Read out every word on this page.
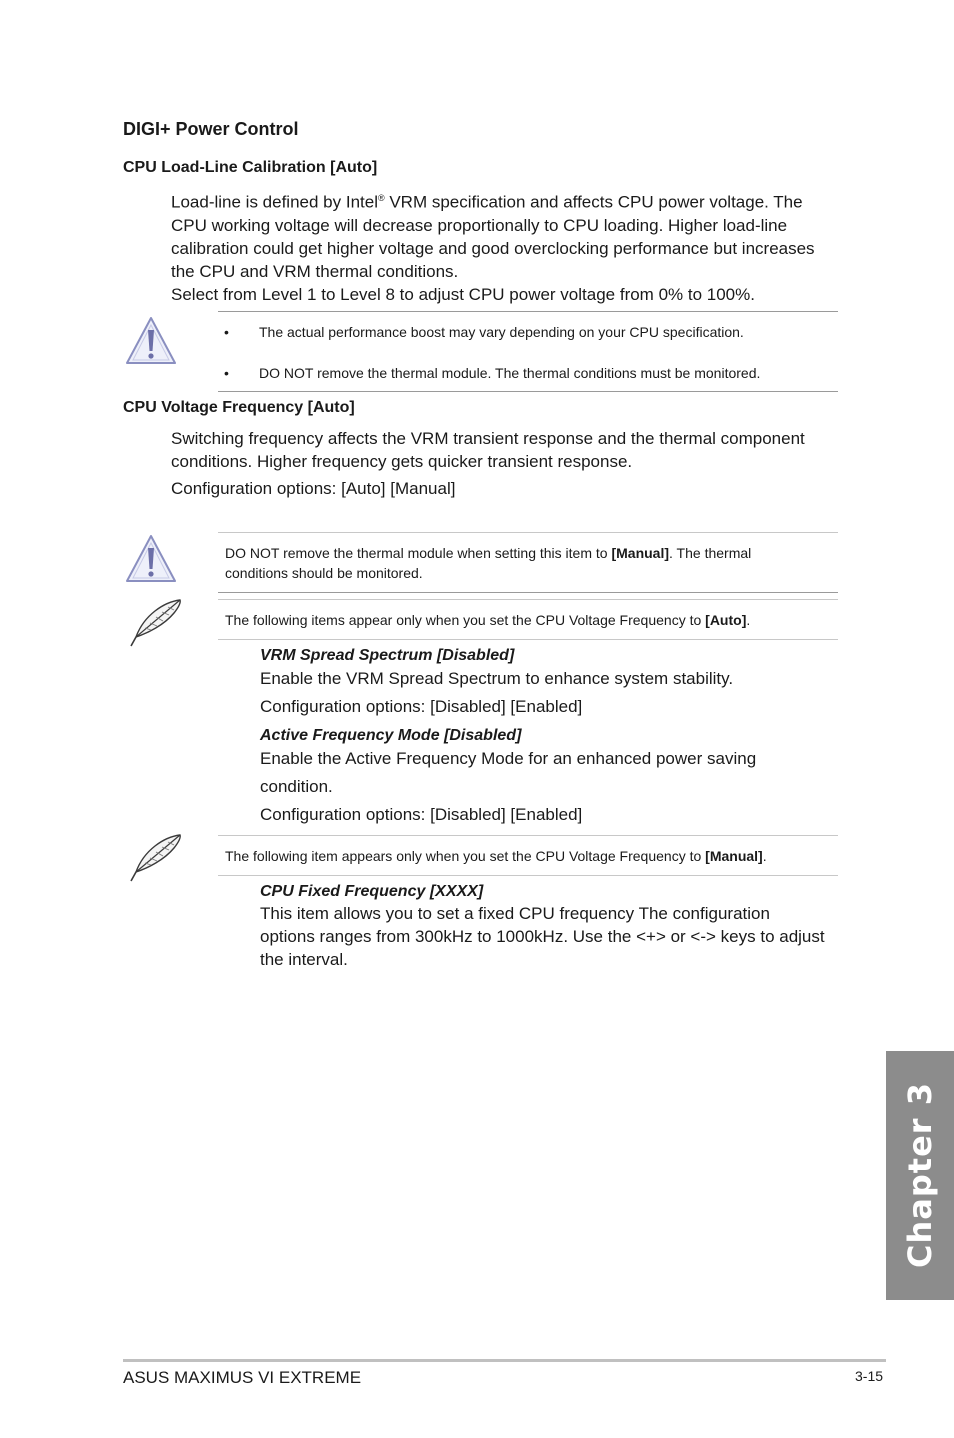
DIGI+ Power Control
CPU Load-Line Calibration [Auto]
Load-line is defined by Intel® VRM specification and affects CPU power voltage. The
CPU working voltage will decrease proportionally to CPU loading. Higher load-line
calibration could get higher voltage and good overclocking performance but increases
the CPU and VRM thermal conditions.
Select from Level 1 to Level 8 to adjust CPU power voltage from 0% to 100%.
• The actual performance boost may vary depending on your CPU specification.
• DO NOT remove the thermal module. The thermal conditions must be monitored.
CPU Voltage Frequency [Auto]
Switching frequency affects the VRM transient response and the thermal component
conditions. Higher frequency gets quicker transient response.
Configuration options: [Auto] [Manual]
DO NOT remove the thermal module when setting this item to [Manual]. The thermal
conditions should be monitored.
The following items appear only when you set the CPU Voltage Frequency to [Auto].
VRM Spread Spectrum [Disabled]
Enable the VRM Spread Spectrum to enhance system stability.
Configuration options: [Disabled] [Enabled]
Active Frequency Mode [Disabled]
Enable the Active Frequency Mode for an enhanced power saving
condition.
Configuration options: [Disabled] [Enabled]
The following item appears only when you set the CPU Voltage Frequency to [Manual].
CPU Fixed Frequency [XXXX]
This item allows you to set a fixed CPU frequency The configuration
options ranges from 300kHz to 1000kHz. Use the <+> or <-> keys to adjust
the interval.
Chapter 3
ASUS MAXIMUS VI EXTREME	3-15
